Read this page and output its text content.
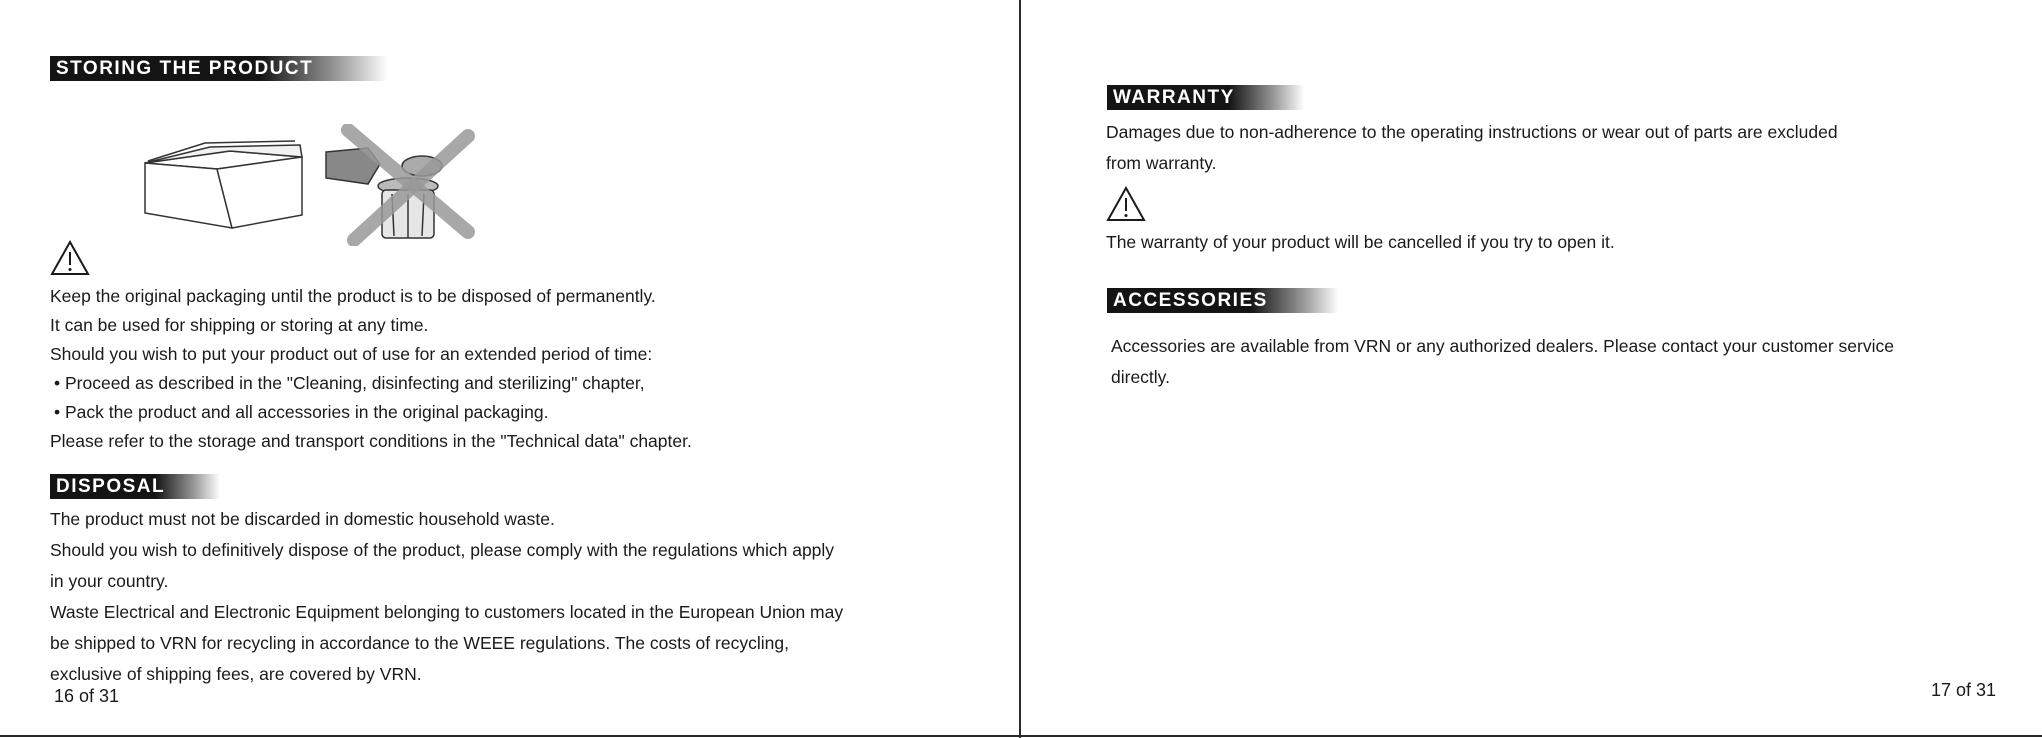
STORING THE PRODUCT
Keep the original packaging until the product is to be disposed of permanently.
It can be used for shipping or storing at any time.
Should you wish to put your product out of use for an extended period of time:
• Proceed as described in the "Cleaning, disinfecting and sterilizing" chapter,
• Pack the product and all accessories in the original packaging.
Please refer to the storage and transport conditions in the "Technical data" chapter.
DISPOSAL
The product must not be discarded in domestic household waste.
Should you wish to definitively dispose of the product, please comply with the regulations which apply
in your country.
Waste Electrical and Electronic Equipment belonging to customers located in the European Union may
be shipped to VRN for recycling in accordance to the WEEE regulations. The costs of recycling,
exclusive of shipping fees, are covered by VRN.
16 of 31
WARRANTY
Damages due to non-adherence to the operating instructions or wear out of parts are excluded
from warranty.
The warranty of your product will be cancelled if you try to open it.
ACCESSORIES
Accessories are available from VRN or any authorized dealers. Please contact your customer service
directly.
17 of 31
